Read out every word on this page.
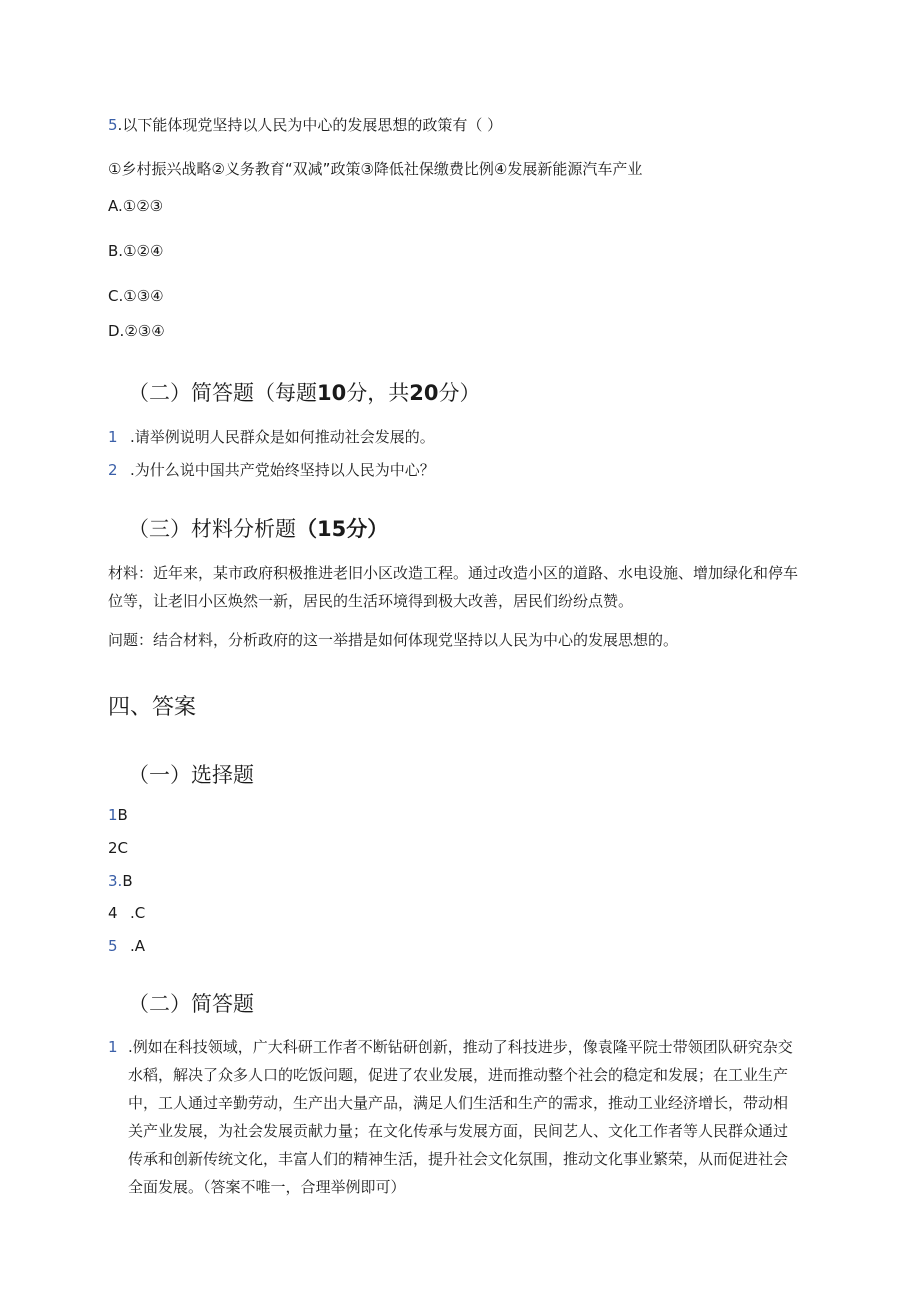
5.以下能体现党坚持以人民为中心的发展思想的政策有（ ）
①乡村振兴战略②义务教育“双减”政策③降低社保缴费比例④发展新能源汽车产业
A.①②③
B.①②④
C.①③④
D.②③④
（二）简答题（每题10分，共20分）
1 .请举例说明人民群众是如何推动社会发展的。
2 .为什么说中国共产党始终坚持以人民为中心？
（三）材料分析题（15分）
材料：近年来，某市政府积极推进老旧小区改造工程。通过改造小区的道路、水电设施、增加绿化和停车位等，让老旧小区焕然一新，居民的生活环境得到极大改善，居民们纷纷点赞。
问题：结合材料，分析政府的这一举措是如何体现党坚持以人民为中心的发展思想的。
四、答案
（一）选择题
1B
2C
3.B
4 .C
5 .A
（二）简答题
1 .例如在科技领域，广大科研工作者不断钻研创新，推动了科技进步，像袁隆平院士带领团队研究杂交水稻，解决了众多人口的吃饭问题，促进了农业发展，进而推动整个社会的稳定和发展；在工业生产中，工人通过辛勤劳动，生产出大量产品，满足人们生活和生产的需求，推动工业经济增长，带动相关产业发展，为社会发展贡献力量；在文化传承与发展方面，民间艺人、文化工作者等人民群众通过传承和创新传统文化，丰富人们的精神生活，提升社会文化氛围，推动文化事业繁荣，从而促进社会全面发展。（答案不唯一，合理举例即可）
